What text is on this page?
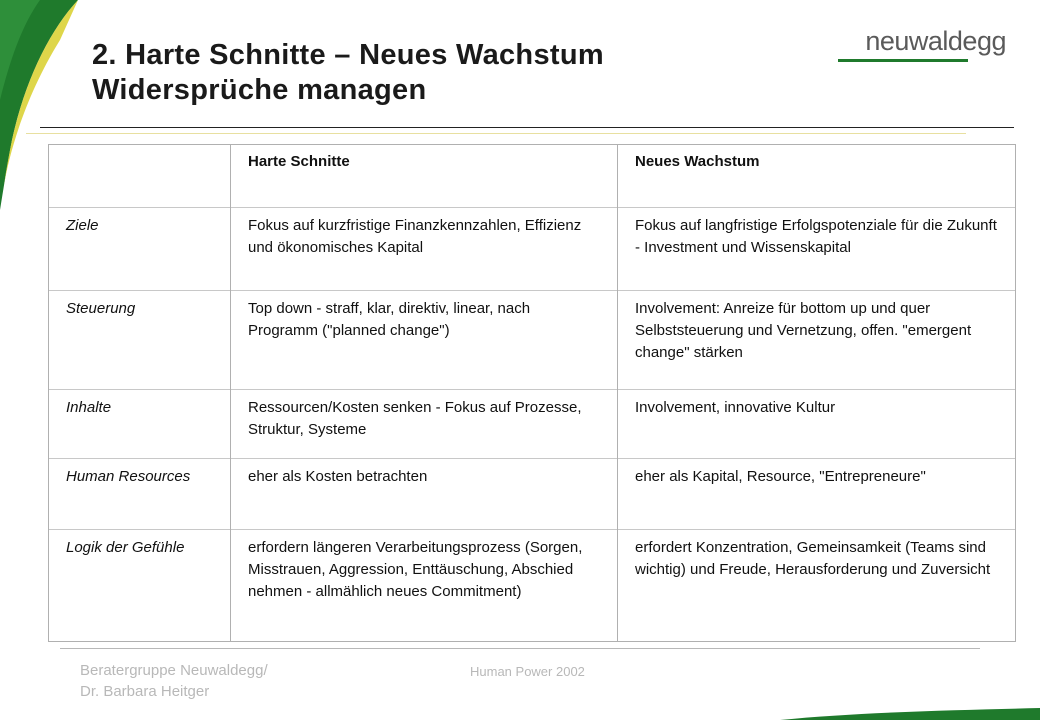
2. Harte Schnitte – Neues Wachstum
Widersprüche managen
neuwaldegg
	Harte Schnitte	Neues Wachstum
Ziele	Fokus auf kurzfristige Finanzkennzahlen, Effizienz und ökonomisches Kapital	Fokus auf langfristige Erfolgspotenziale für die Zukunft - Investment und Wissenskapital
Steuerung	Top down - straff, klar, direktiv, linear, nach Programm ("planned change")	Involvement: Anreize für bottom up und quer Selbststeuerung und Vernetzung, offen. "emergent change" stärken
Inhalte	Ressourcen/Kosten senken - Fokus auf Prozesse, Struktur, Systeme	Involvement, innovative Kultur
Human Resources	eher als Kosten betrachten	eher als Kapital, Resource, "Entrepreneure"
Logik der Gefühle	erfordern längeren Verarbeitungsprozess (Sorgen, Misstrauen, Aggression, Enttäuschung, Abschied nehmen - allmählich neues Commitment)	erfordert Konzentration, Gemeinsamkeit (Teams sind wichtig) und Freude, Herausforderung und Zuversicht
Beratergruppe Neuwaldegg/
Dr. Barbara Heitger
Human Power 2002
